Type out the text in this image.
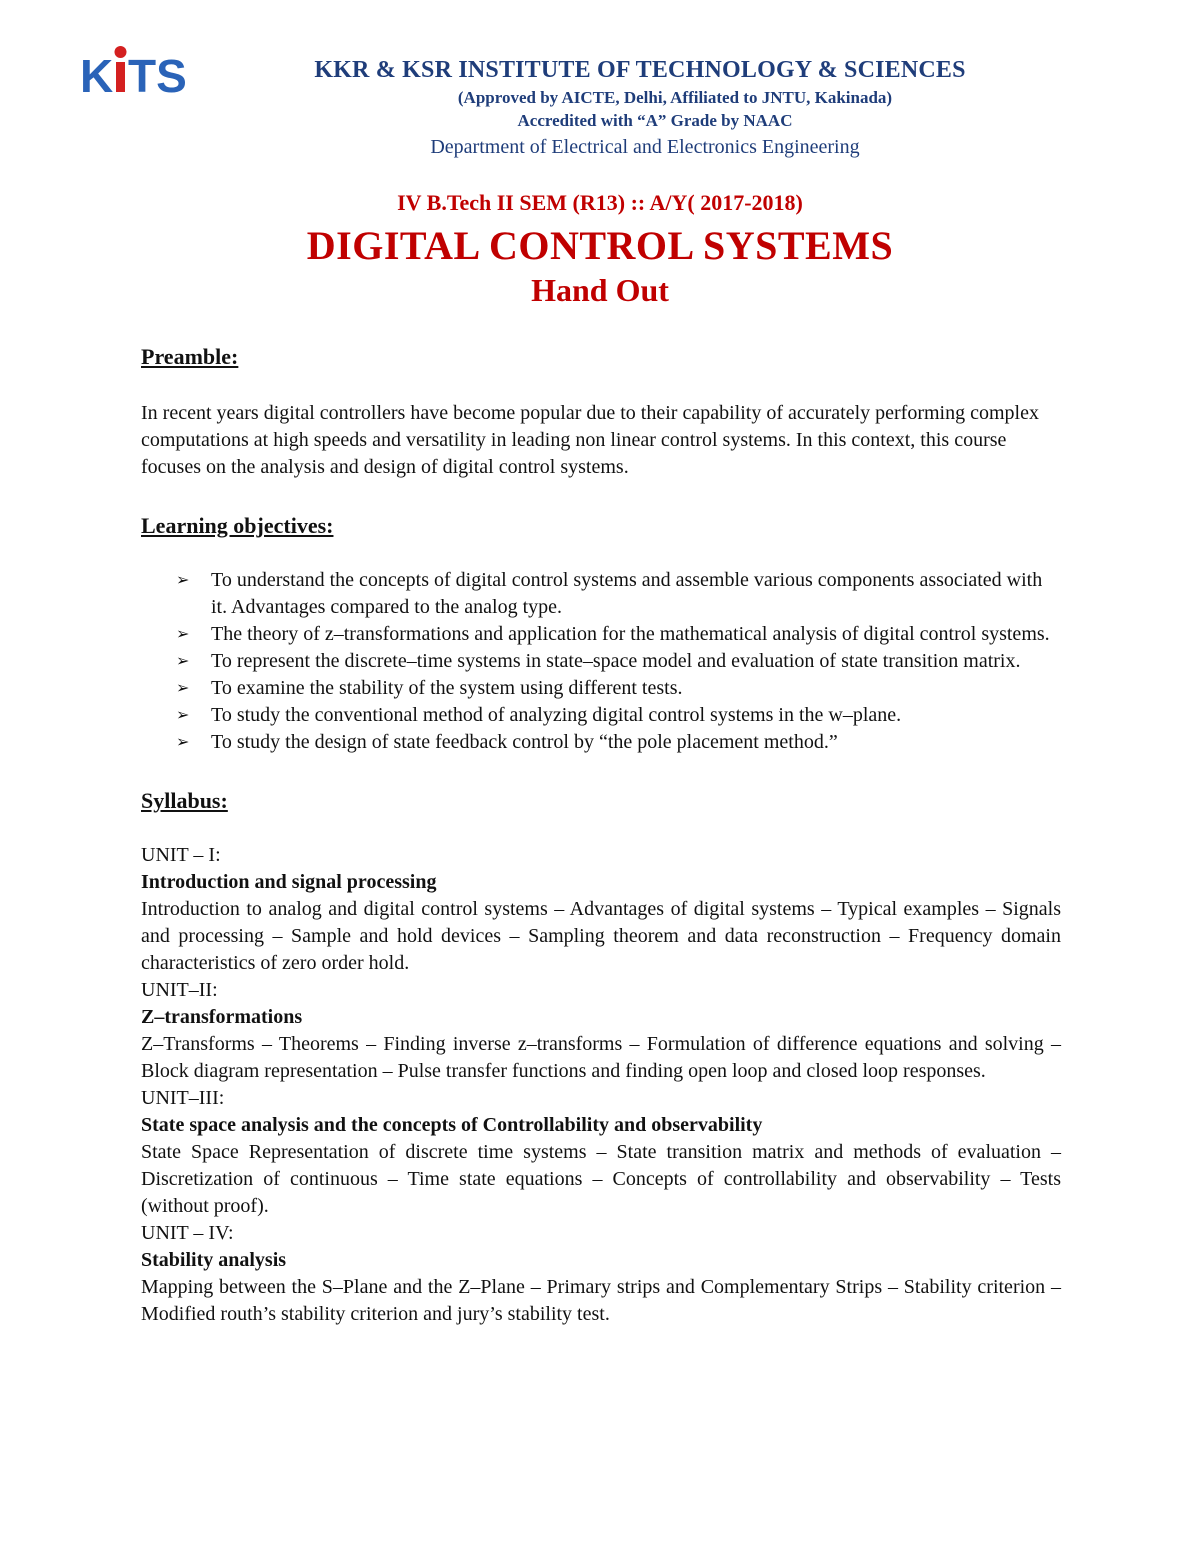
K TS	KKR & KSR INSTITUTE OF TECHNOLOGY & SCIENCES

(Approved by AICTE, Delhi, Affiliated to JNTU, Kakinada)

Accredited with “A” Grade by NAAC

Department of Electrical and Electronics Engineering

IV B.Tech II SEM (R13) :: A/Y( 2017-2018)
DIGITAL CONTROL SYSTEMS
Hand Out

Preamble:

In recent years digital controllers have become popular due to their capability of accurately performing complex computations at high speeds and versatility in leading non linear control systems. In this context, this course focuses on the analysis and design of digital control systems.

Learning objectives:

➢ To understand the concepts of digital control systems and assemble various components associated with it. Advantages compared to the analog type.
➢ The theory of z–transformations and application for the mathematical analysis of digital control systems.
➢ To represent the discrete–time systems in state–space model and evaluation of state transition matrix.
➢ To examine the stability of the system using different tests.
➢ To study the conventional method of analyzing digital control systems in the w–plane.
➢ To study the design of state feedback control by “the pole placement method.”

Syllabus:

UNIT – I:
Introduction and signal processing
Introduction to analog and digital control systems – Advantages of digital systems – Typical examples – Signals and processing – Sample and hold devices – Sampling theorem and data reconstruction – Frequency domain characteristics of zero order hold.
UNIT–II:
Z–transformations
Z–Transforms – Theorems – Finding inverse z–transforms – Formulation of difference equations and solving – Block diagram representation – Pulse transfer functions and finding open loop and closed loop responses.
UNIT–III:
State space analysis and the concepts of Controllability and observability
State Space Representation of discrete time systems – State transition matrix and methods of evaluation – Discretization of continuous – Time state equations – Concepts of controllability and observability – Tests (without proof).
UNIT – IV:
Stability analysis
Mapping between the S–Plane and the Z–Plane – Primary strips and Complementary Strips – Stability criterion – Modified routh’s stability criterion and jury’s stability test.
